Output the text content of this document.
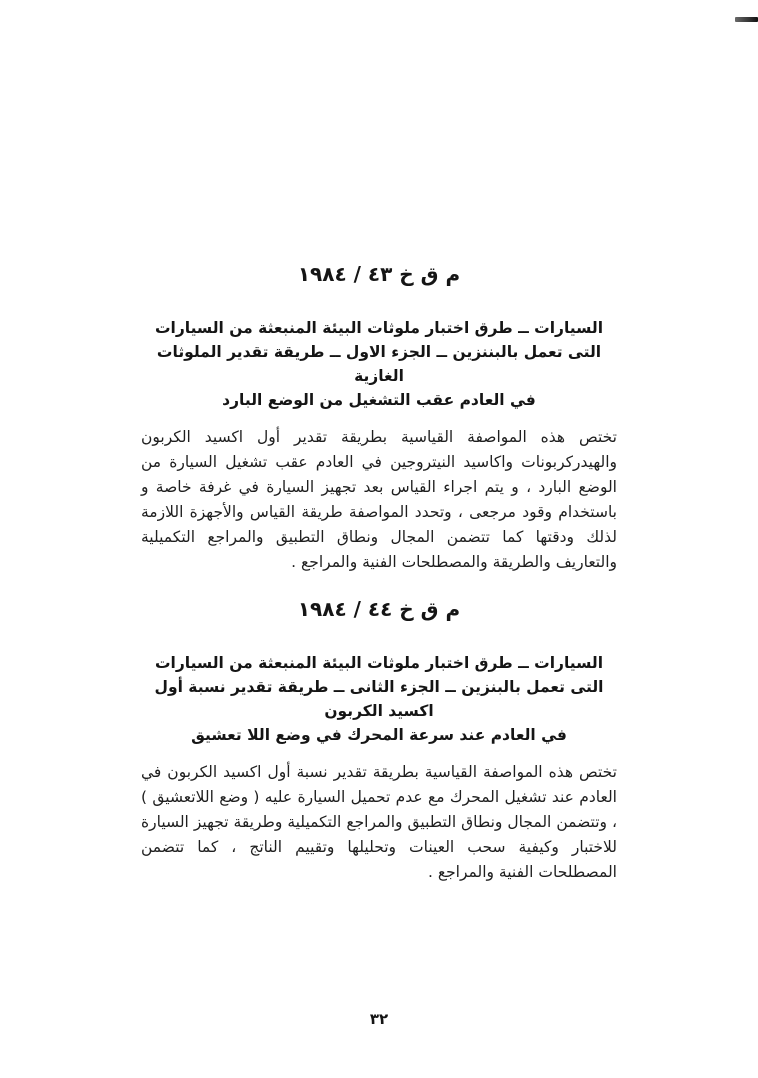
م ق خ ٤٣ / ١٩٨٤
السيارات ــ طرق اختبار ملوثات البيئة المنبعثة من السيارات
التى تعمل بالبننزين ــ الجزء الاول ــ طريقة تقدير الملوثات
الغازية
في العادم عقب التشغيل من الوضع البارد

تختص هذه المواصفة القياسية بطريقة تقدير أول اكسيد الكربون والهيدركربونات واكاسيد النيتروجين في العادم عقب تشغيل السيارة من الوضع البارد ، و يتم اجراء القياس بعد تجهيز السيارة في غرفة خاصة و باستخدام وقود مرجعى ، وتحدد المواصفة طريقة القياس والأجهزة اللازمة لذلك ودقتها كما تتضمن المجال ونطاق التطبيق والمراجع التكميلية والتعاريف والطريقة والمصطلحات الفنية والمراجع .

م ق خ ٤٤ / ١٩٨٤
السيارات ــ طرق اختبار ملوثات البيئة المنبعثة من السيارات
التى تعمل بالبنزين ــ الجزء الثانى ــ طريقة تقدير نسبة أول
اكسيد الكربون
في العادم عند سرعة المحرك في وضع اللا تعشيق

تختص هذه المواصفة القياسية بطريقة تقدير نسبة أول اكسيد الكربون في العادم عند تشغيل المحرك مع عدم تحميل السيارة عليه ( وضع اللاتعشيق ) ، وتتضمن المجال ونطاق التطبيق والمراجع التكميلية وطريقة تجهيز السيارة للاختبار وكيفية سحب العينات وتحليلها وتقييم الناتج ، كما تتضمن المصطلحات الفنية والمراجع .

٣٢
